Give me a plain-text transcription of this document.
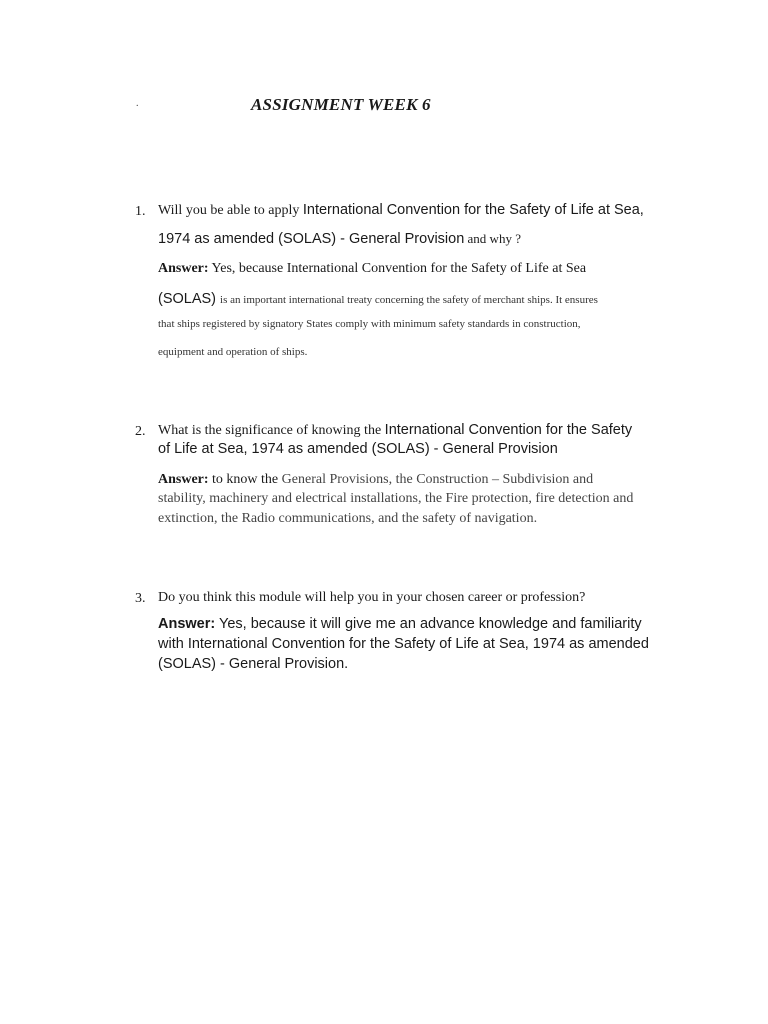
.	ASSIGNMENT WEEK 6
1. Will you be able to apply International Convention for the Safety of Life at Sea,
1974 as amended (SOLAS) - General Provision and why ?
Answer: Yes, because International Convention for the Safety of Life at Sea
(SOLAS) is an important international treaty concerning the safety of merchant ships. It ensures
that ships registered by signatory States comply with minimum safety standards in construction,
equipment and operation of ships.
2. What is the significance of knowing the International Convention for the Safety
of Life at Sea, 1974 as amended (SOLAS) - General Provision
Answer: to know the General Provisions, the Construction – Subdivision and
stability, machinery and electrical installations, the Fire protection, fire detection and
extinction, the Radio communications, and the safety of navigation.
3. Do you think this module will help you in your chosen career or profession?
Answer: Yes, because it will give me an advance knowledge and familiarity
with International Convention for the Safety of Life at Sea, 1974 as amended
(SOLAS) - General Provision.
